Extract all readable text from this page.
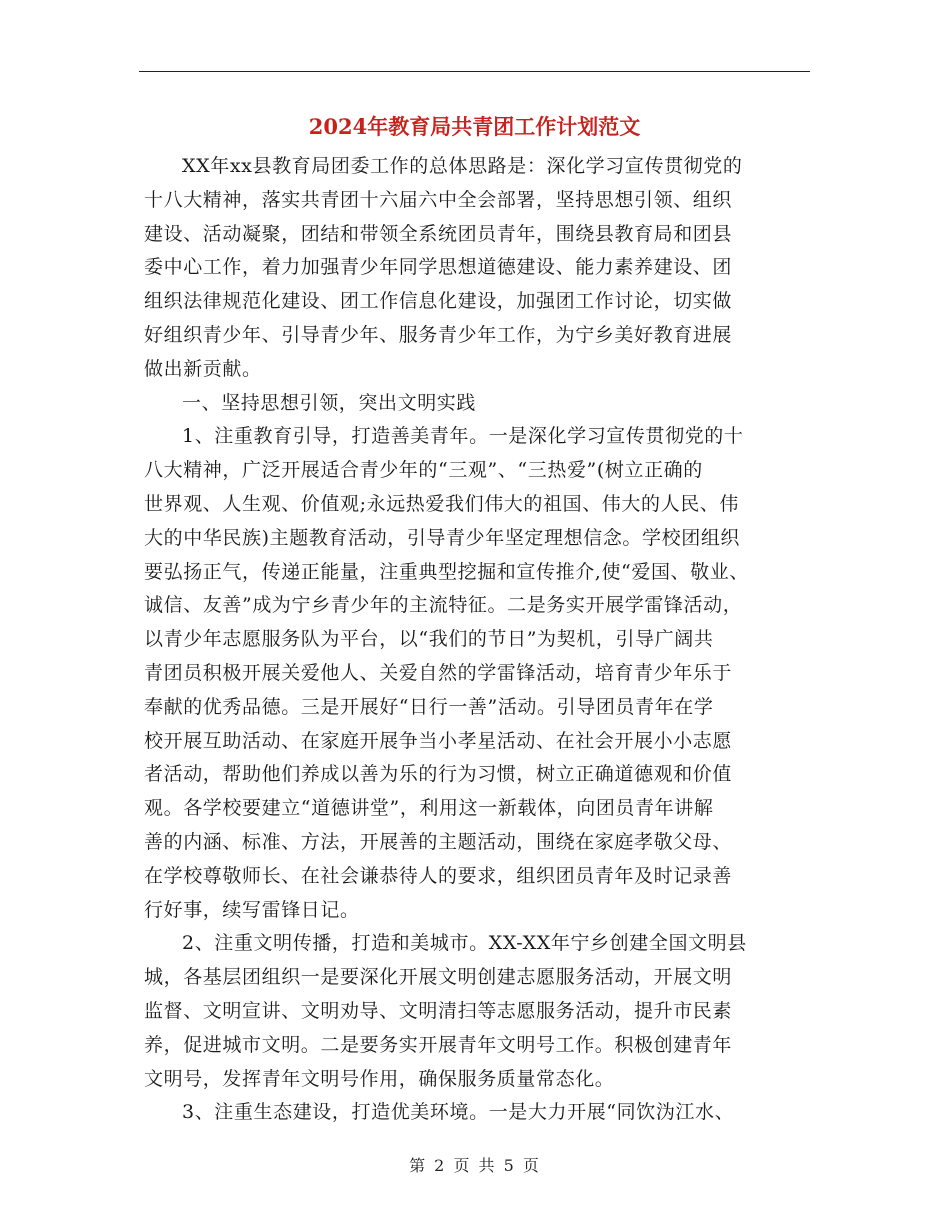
2024年教育局共青团工作计划范文
XX年xx县教育局团委工作的总体思路是：深化学习宣传贯彻党的
十八大精神，落实共青团十六届六中全会部署，坚持思想引领、组织
建设、活动凝聚，团结和带领全系统团员青年，围绕县教育局和团县
委中心工作，着力加强青少年同学思想道德建设、能力素养建设、团
组织法律规范化建设、团工作信息化建设，加强团工作讨论，切实做
好组织青少年、引导青少年、服务青少年工作，为宁乡美好教育进展
做出新贡献。
一、坚持思想引领，突出文明实践
1、注重教育引导，打造善美青年。一是深化学习宣传贯彻党的十
八大精神，广泛开展适合青少年的“三观”、“三热爱”(树立正确的
世界观、人生观、价值观;永远热爱我们伟大的祖国、伟大的人民、伟
大的中华民族)主题教育活动，引导青少年坚定理想信念。学校团组织
要弘扬正气，传递正能量，注重典型挖掘和宣传推介,使“爱国、敬业、
诚信、友善”成为宁乡青少年的主流特征。二是务实开展学雷锋活动，
以青少年志愿服务队为平台，以“我们的节日”为契机，引导广阔共
青团员积极开展关爱他人、关爱自然的学雷锋活动，培育青少年乐于
奉献的优秀品德。三是开展好“日行一善”活动。引导团员青年在学
校开展互助活动、在家庭开展争当小孝星活动、在社会开展小小志愿
者活动，帮助他们养成以善为乐的行为习惯，树立正确道德观和价值
观。各学校要建立“道德讲堂”，利用这一新载体，向团员青年讲解
善的内涵、标准、方法，开展善的主题活动，围绕在家庭孝敬父母、
在学校尊敬师长、在社会谦恭待人的要求，组织团员青年及时记录善
行好事，续写雷锋日记。
2、注重文明传播，打造和美城市。XX-XX年宁乡创建全国文明县
城，各基层团组织一是要深化开展文明创建志愿服务活动，开展文明
监督、文明宣讲、文明劝导、文明清扫等志愿服务活动，提升市民素
养，促进城市文明。二是要务实开展青年文明号工作。积极创建青年
文明号，发挥青年文明号作用，确保服务质量常态化。
3、注重生态建设，打造优美环境。一是大力开展“同饮沩江水、
第 2 页 共 5 页
